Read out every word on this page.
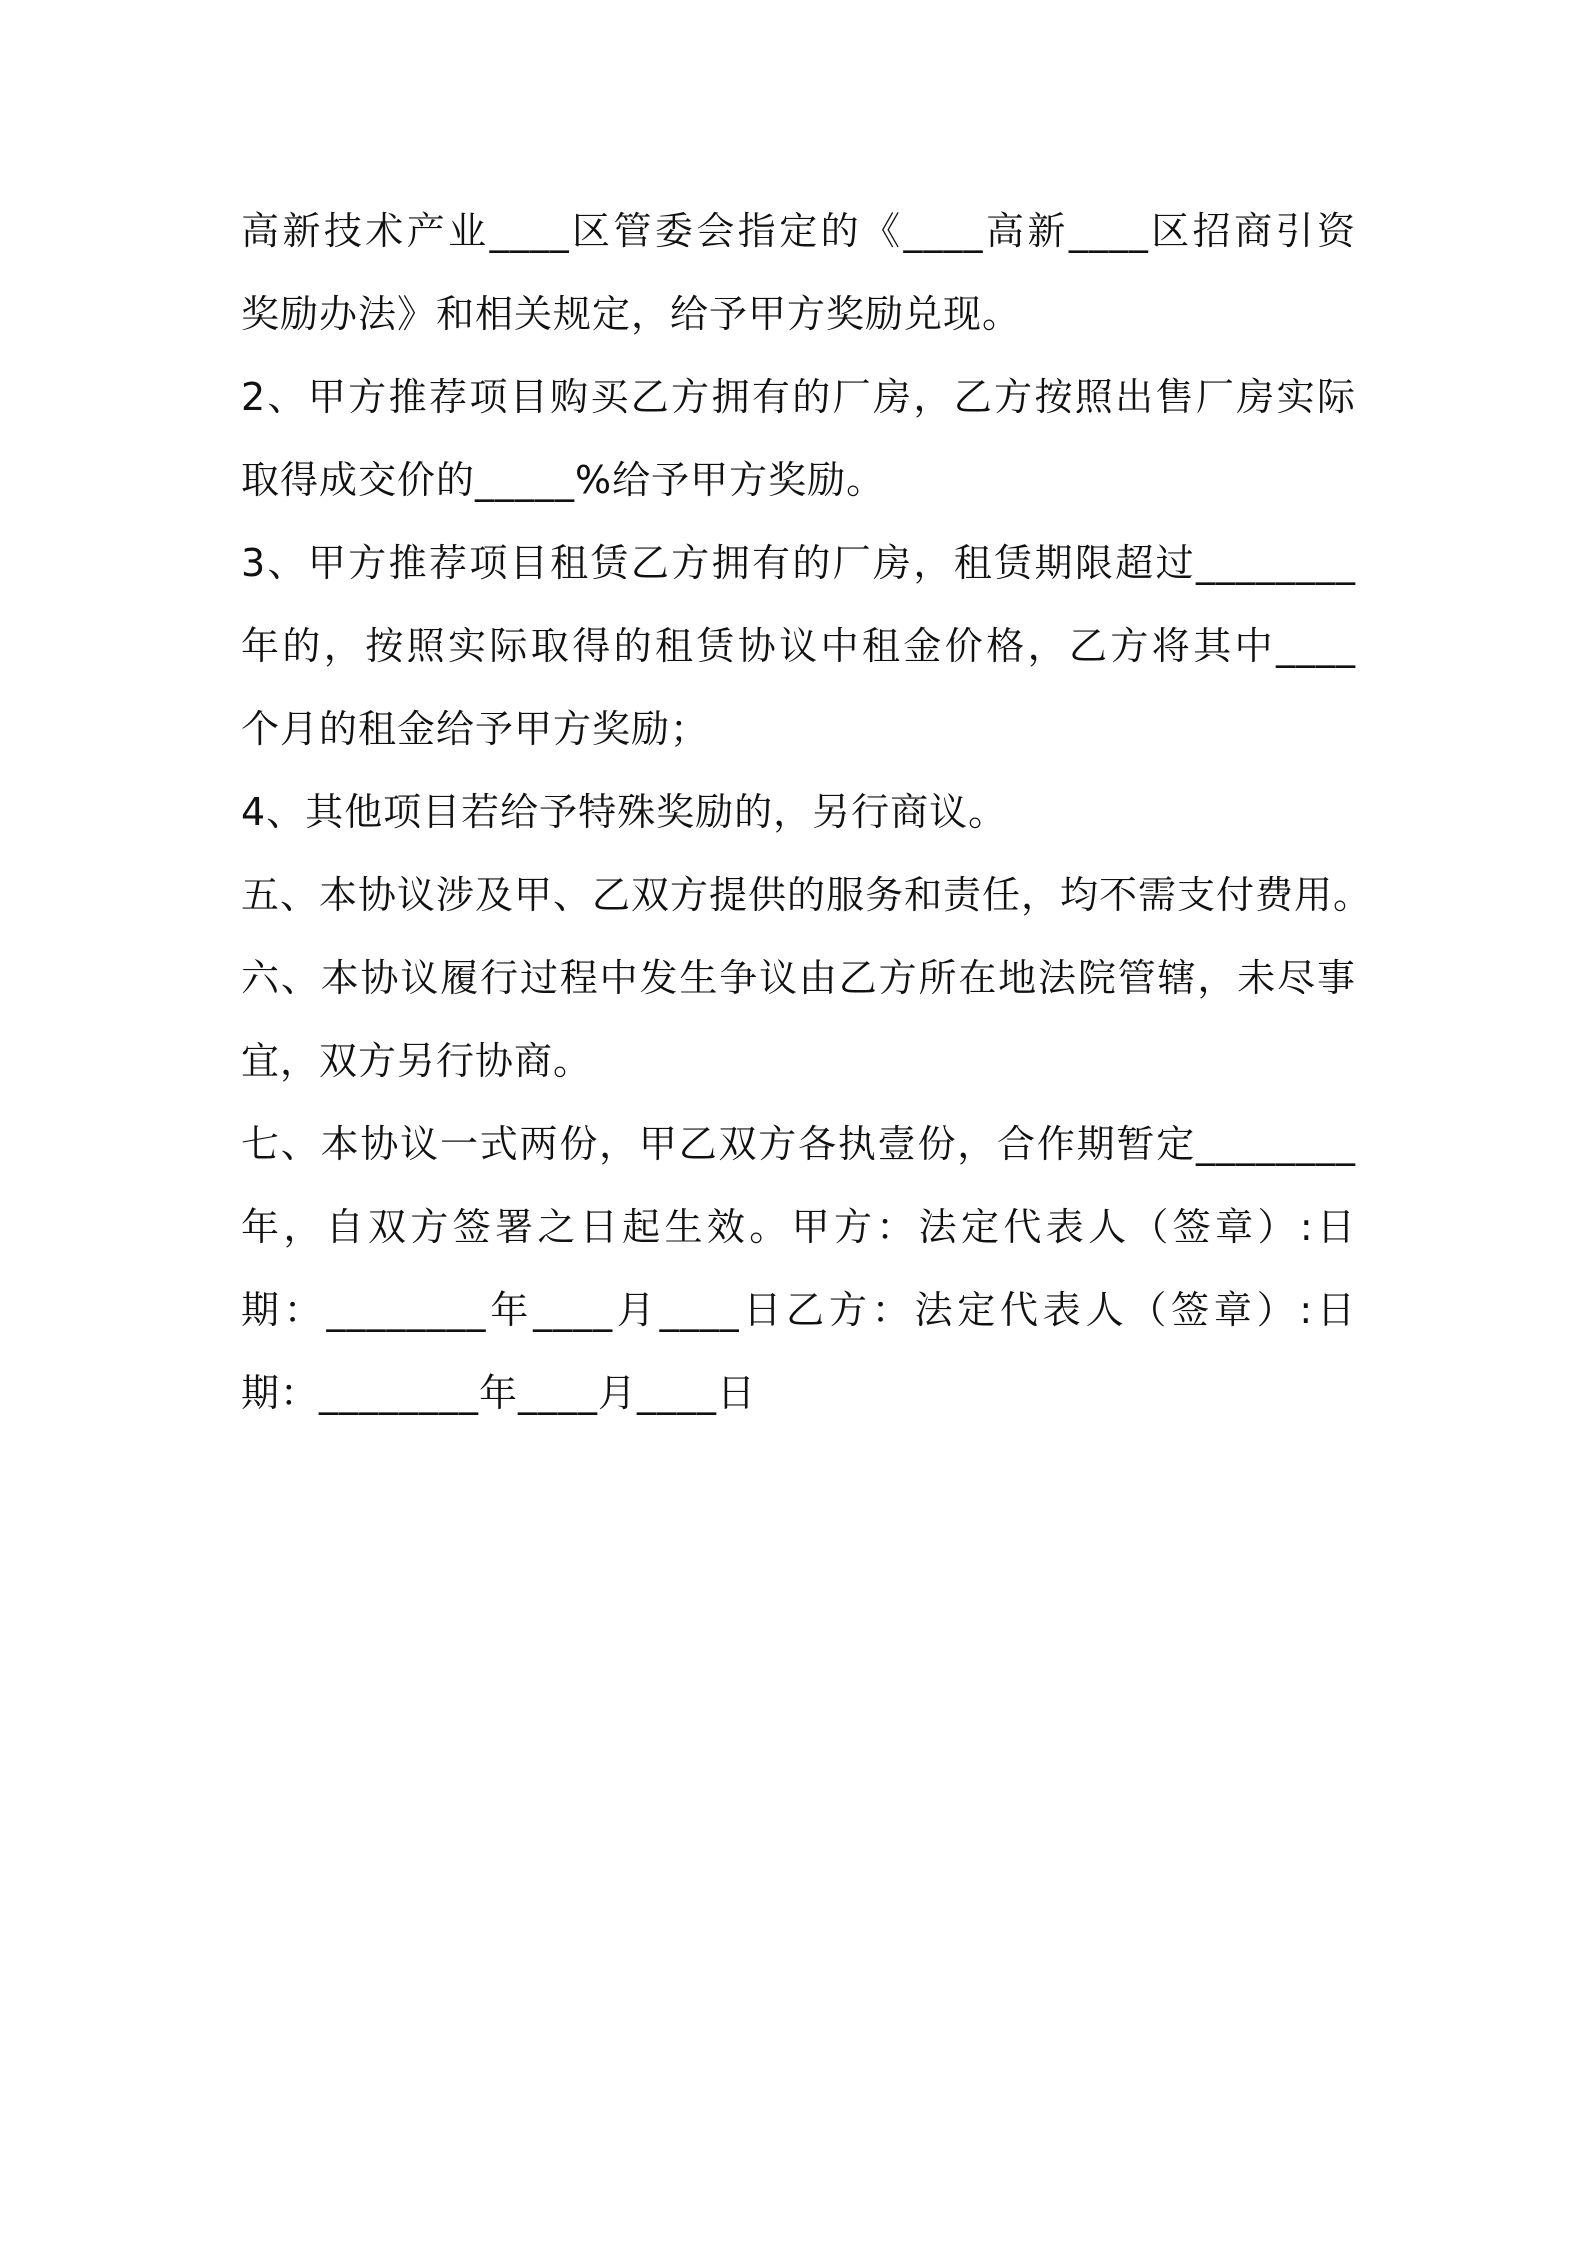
高新技术产业____区管委会指定的《____高新____区招商引资
奖励办法》和相关规定，给予甲方奖励兑现。
2、甲方推荐项目购买乙方拥有的厂房，乙方按照出售厂房实际
取得成交价的_____%给予甲方奖励。
3、甲方推荐项目租赁乙方拥有的厂房，租赁期限超过________
年的，按照实际取得的租赁协议中租金价格，乙方将其中____
个月的租金给予甲方奖励；
4、其他项目若给予特殊奖励的，另行商议。
五、本协议涉及甲、乙双方提供的服务和责任，均不需支付费用。
六、本协议履行过程中发生争议由乙方所在地法院管辖，未尽事
宜，双方另行协商。
七、本协议一式两份，甲乙双方各执壹份，合作期暂定________
年，自双方签署之日起生效。甲方：法定代表人（签章）:日
期：________年____月____日乙方：法定代表人（签章）:日
期：________年____月____日
